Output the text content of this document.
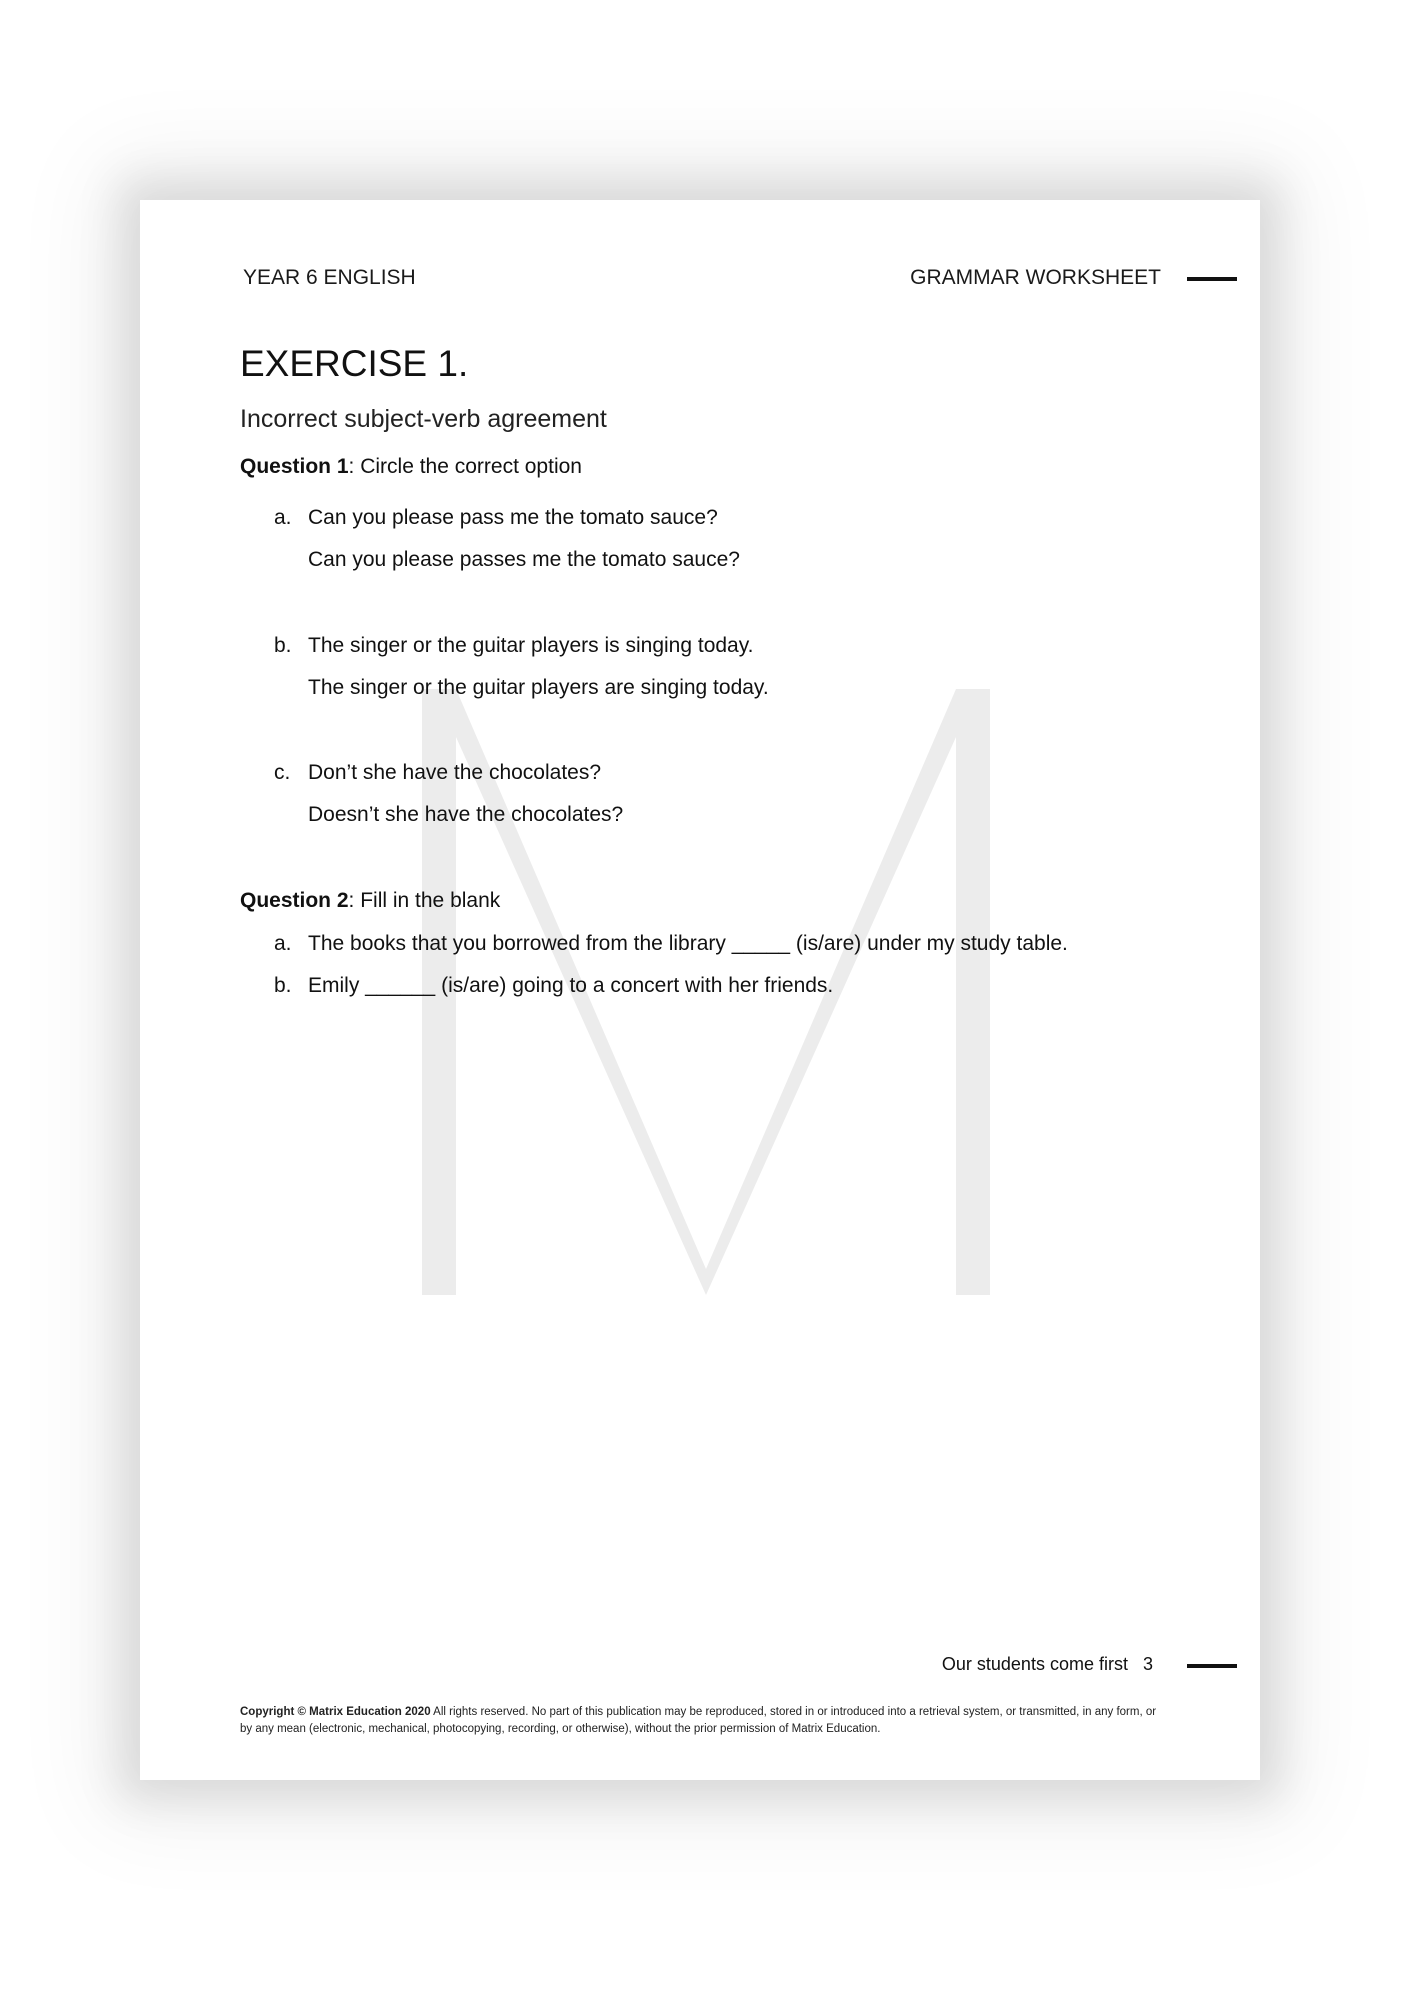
YEAR 6 ENGLISH	GRAMMAR WORKSHEET

EXERCISE 1.

Incorrect subject-verb agreement

Question 1: Circle the correct option

a. Can you please pass me the tomato sauce?
Can you please passes me the tomato sauce?
b. The singer or the guitar players is singing today.
The singer or the guitar players are singing today.
c. Don’t she have the chocolates?
Doesn’t she have the chocolates?

Question 2: Fill in the blank

a. The books that you borrowed from the library _____ (is/are) under my study table.
b. Emily ______ (is/are) going to a concert with her friends.

Our students come first 3

Copyright © Matrix Education 2020 All rights reserved. No part of this publication may be reproduced, stored in or introduced into a retrieval system, or transmitted, in any form, or by any mean (electronic, mechanical, photocopying, recording, or otherwise), without the prior permission of Matrix Education.
